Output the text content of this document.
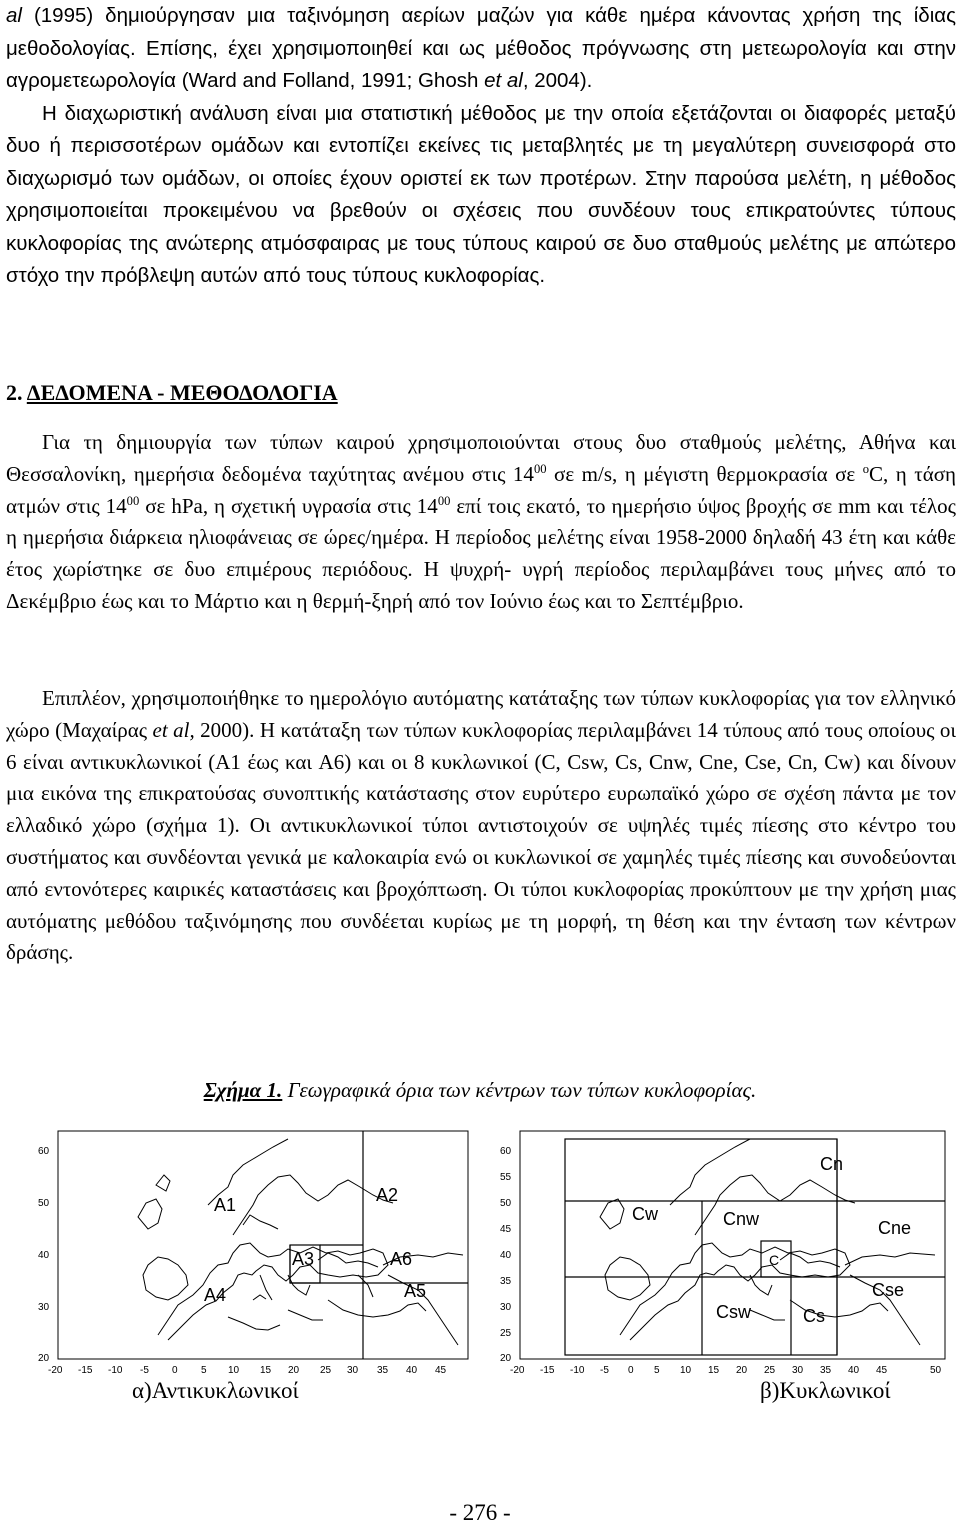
al (1995) δημιούργησαν μια ταξινόμηση αερίων μαζών για κάθε ημέρα κάνοντας χρήση της ίδιας μεθοδολογίας. Επίσης, έχει χρησιμοποιηθεί και ως μέθοδος πρόγνωσης στη μετεωρολογία και στην αγρομετεωρολογία (Ward and Folland, 1991; Ghosh et al, 2004).
Η διαχωριστική ανάλυση είναι μια στατιστική μέθοδος με την οποία εξετάζονται οι διαφορές μεταξύ δυο ή περισσοτέρων ομάδων και εντοπίζει εκείνες τις μεταβλητές με τη μεγαλύτερη συνεισφορά στο διαχωρισμό των ομάδων, οι οποίες έχουν οριστεί εκ των προτέρων. Στην παρούσα μελέτη, η μέθοδος χρησιμοποιείται προκειμένου να βρεθούν οι σχέσεις που συνδέουν τους επικρατούντες τύπους κυκλοφορίας της ανώτερης ατμόσφαιρας με τους τύπους καιρού σε δυο σταθμούς μελέτης με απώτερο στόχο την πρόβλεψη αυτών από τους τύπους κυκλοφορίας.
2. ΔΕΔΟΜΕΝΑ - ΜΕΘΟΔΟΛΟΓΙΑ
Για τη δημιουργία των τύπων καιρού χρησιμοποιούνται στους δυο σταθμούς μελέτης, Αθήνα και Θεσσαλονίκη, ημερήσια δεδομένα ταχύτητας ανέμου στις $14^{00}$ σε m/s, η μέγιστη θερμοκρασία σε $^o$C, η τάση ατμών στις $14^{00}$ σε hPa, η σχετική υγρασία στις $14^{00}$ επί τοις εκατό, το ημερήσιο ύψος βροχής σε mm και τέλος η ημερήσια διάρκεια ηλιοφάνειας σε ώρες/ημέρα. Η περίοδος μελέτης είναι 1958-2000 δηλαδή 43 έτη και κάθε έτος χωρίστηκε σε δυο επιμέρους περιόδους. Η ψυχρή- υγρή περίοδος περιλαμβάνει τους μήνες από το Δεκέμβριο έως και το Μάρτιο και η θερμή-ξηρή από τον Ιούνιο έως και το Σεπτέμβριο.
Επιπλέον, χρησιμοποιήθηκε το ημερολόγιο αυτόματης κατάταξης των τύπων κυκλοφορίας για τον ελληνικό χώρο (Μαχαίρας et al, 2000). Η κατάταξη των τύπων κυκλοφορίας περιλαμβάνει 14 τύπους από τους οποίους οι 6 είναι αντικυκλωνικοί (A1 έως και A6) και οι 8 κυκλωνικοί (C, Csw, Cs, Cnw, Cne, Cse, Cn, Cw) και δίνουν μια εικόνα της επικρατούσας συνοπτικής κατάστασης στον ευρύτερο ευρωπαϊκό χώρο σε σχέση πάντα με τον ελλαδικό χώρο (σχήμα 1). Οι αντικυκλωνικοί τύποι αντιστοιχούν σε υψηλές τιμές πίεσης στο κέντρο του συστήματος και συνδέονται γενικά με καλοκαιρία ενώ οι κυκλωνικοί σε χαμηλές τιμές πίεσης και συνοδεύονται από εντονότερες καιρικές καταστάσεις και βροχόπτωση. Οι τύποι κυκλοφορίας προκύπτουν με την χρήση μιας αυτόματης μεθόδου ταξινόμησης που συνδέεται κυρίως με τη μορφή, τη θέση και την ένταση των κέντρων δράσης.
Σχήμα 1. Γεωγραφικά όρια των κέντρων των τύπων κυκλοφορίας.
60
50
40
30
20
-20 -15 -10 -5 0 5 10 15 20 25 30 35 40 45
A1	A2
A3
A4	A5
A6
60
55
50
45
40
35
30
25
20
-20 -15 -10 -5 0 5 10 15 20 25 30 35 40 45	50
Cn
Cw	Cnw	Cne
Cse
Csw	Cs
C
α)Αντικυκλωνικοί	β)Κυκλωνικοί
- 276 -
